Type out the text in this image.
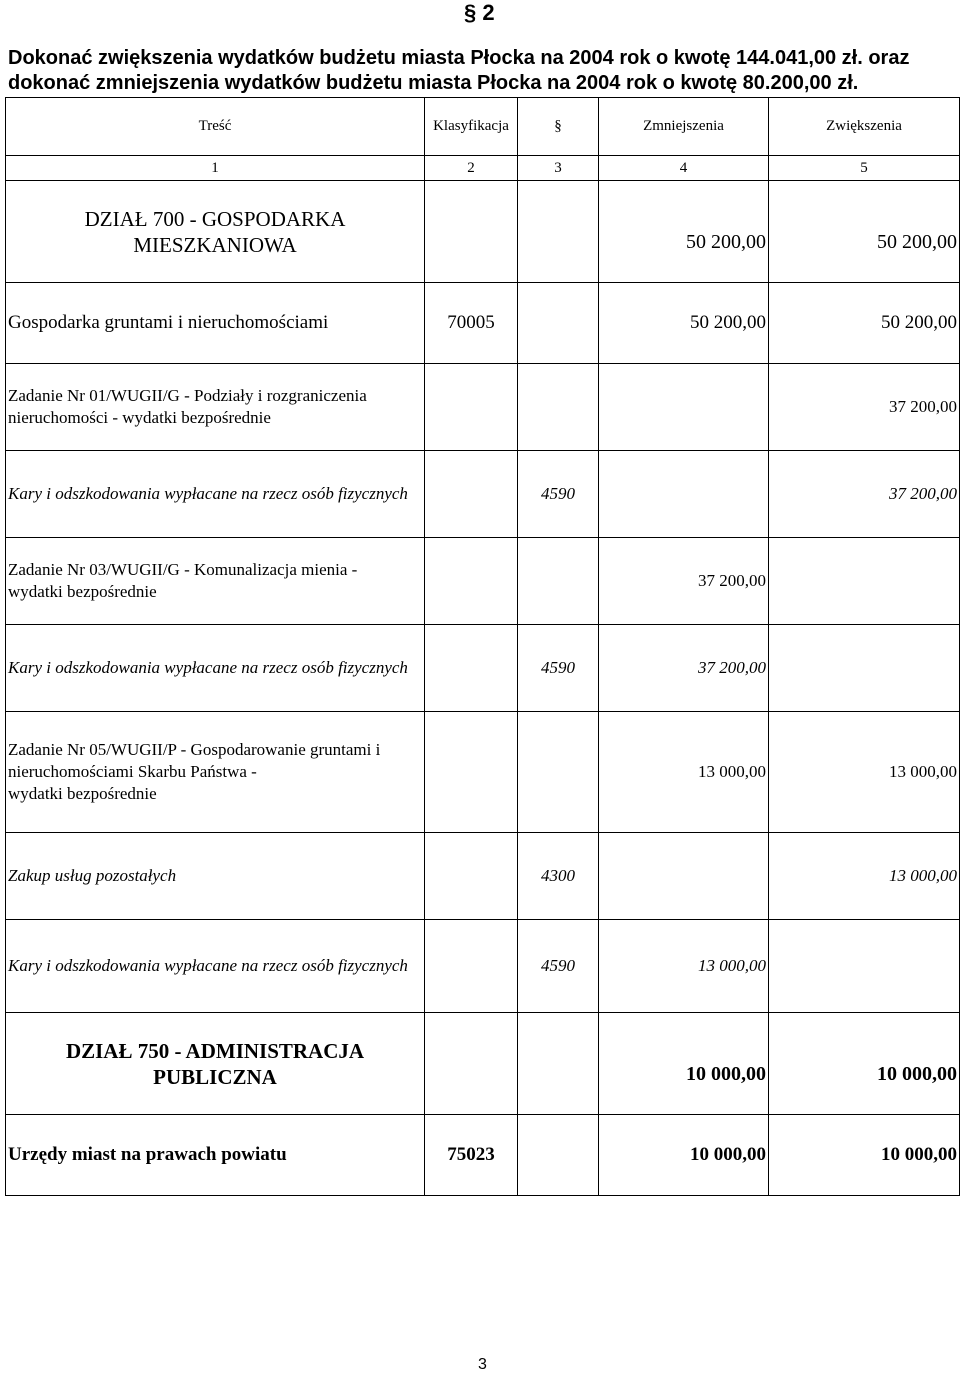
§ 2
Dokonać zwiększenia wydatków budżetu miasta Płocka na 2004 rok o kwotę 144.041,00 zł. oraz
dokonać zmniejszenia wydatków budżetu miasta Płocka na 2004 rok o kwotę 80.200,00 zł.
Treść	Klasyfikacja	§	Zmniejszenia	Zwiększenia
1	2	3	4	5

DZIAŁ 700 - GOSPODARKA
MIESZKANIOWA			50 200,00	50 200,00
Gospodarka gruntami i nieruchomościami	70005		50 200,00	50 200,00
Zadanie Nr 01/WUGII/G - Podziały i rozgraniczenia nieruchomości - wydatki bezpośrednie				37 200,00
Kary i odszkodowania wypłacane na rzecz osób fizycznych		4590		37 200,00
Zadanie Nr 03/WUGII/G - Komunalizacja mienia -
wydatki bezpośrednie			37 200,00	
Kary i odszkodowania wypłacane na rzecz osób fizycznych		4590	37 200,00	
Zadanie Nr 05/WUGII/P - Gospodarowanie gruntami i nieruchomościami Skarbu Państwa -
wydatki bezpośrednie			13 000,00	13 000,00
Zakup usług pozostałych		4300		13 000,00
Kary i odszkodowania wypłacane na rzecz osób fizycznych		4590	13 000,00	

DZIAŁ 750 - ADMINISTRACJA
PUBLICZNA			10 000,00	10 000,00
Urzędy miast na prawach powiatu	75023		10 000,00	10 000,00
3
